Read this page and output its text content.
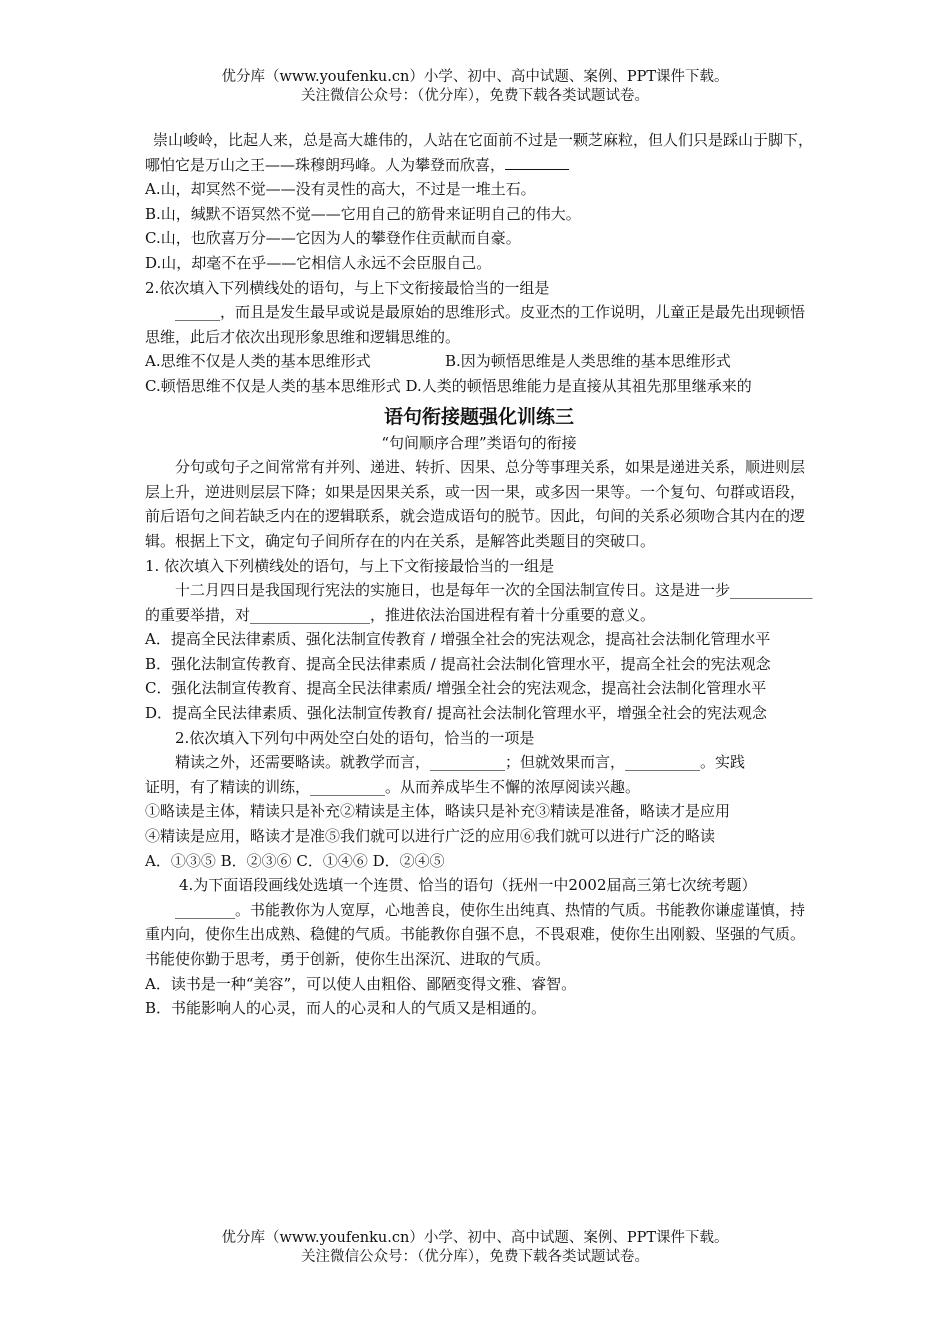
优分库（www.youfenku.cn）小学、初中、高中试题、案例、PPT课件下载。
关注微信公众号：（优分库），免费下载各类试题试卷。

崇山峻岭，比起人来，总是高大雄伟的，人站在它面前不过是一颗芝麻粒，但人们只是踩山于脚下，哪怕它是万山之王——珠穆朗玛峰。人为攀登而欣喜，

A.山，却冥然不觉——没有灵性的高大，不过是一堆土石。

B.山，缄默不语冥然不觉——它用自己的筋骨来证明自己的伟大。

C.山，也欣喜万分——它因为人的攀登作住贡献而自豪。

D.山，却毫不在乎——它相信人永远不会臣服自己。

2.依次填入下列横线处的语句，与上下文衔接最恰当的一组是

______，而且是发生最早或说是最原始的思维形式。皮亚杰的工作说明，儿童正是最先出现顿悟思维，此后才依次出现形象思维和逻辑思维的。

A.思维不仅是人类的基本思维形式	B.因为顿悟思维是人类思维的基本思维形式

C.顿悟思维不仅是人类的基本思维形式 D.人类的顿悟思维能力是直接从其祖先那里继承来的

语句衔接题强化训练三

“句间顺序合理”类语句的衔接

分句或句子之间常常有并列、递进、转折、因果、总分等事理关系，如果是递进关系，顺进则层层上升，逆进则层层下降；如果是因果关系，或一因一果，或多因一果等。一个复句、句群或语段，前后语句之间若缺乏内在的逻辑联系，就会造成语句的脱节。因此，句间的关系必须吻合其内在的逻辑。根据上下文，确定句子间所存在的内在关系，是解答此类题目的突破口。

1. 依次填入下列横线处的语句，与上下文衔接最恰当的一组是

十二月四日是我国现行宪法的实施日，也是每年一次的全国法制宣传日。这是进一步___________的重要举措，对________________，推进依法治国进程有着十分重要的意义。

A．提高全民法律素质、强化法制宣传教育 / 增强全社会的宪法观念，提高社会法制化管理水平

B．强化法制宣传教育、提高全民法律素质 / 提高社会法制化管理水平，提高全社会的宪法观念

C．强化法制宣传教育、提高全民法律素质/ 增强全社会的宪法观念，提高社会法制化管理水平

D．提高全民法律素质、强化法制宣传教育/ 提高社会法制化管理水平，增强全社会的宪法观念

2.依次填入下列句中两处空白处的语句，恰当的一项是

精读之外，还需要略读。就教学而言，__________；但就效果而言，__________。实践

证明，有了精读的训练，__________。从而养成毕生不懈的浓厚阅读兴趣。

①略读是主体，精读只是补充②精读是主体，略读只是补充③精读是准备，略读才是应用

④精读是应用，略读才是准⑤我们就可以进行广泛的应用⑥我们就可以进行广泛的略读

A．①③⑤ B．②③⑥ C．①④⑥ D．②④⑤

4.为下面语段画线处选填一个连贯、恰当的语句（抚州一中2002届高三第七次统考题）

________。书能教你为人宽厚，心地善良，使你生出纯真、热情的气质。书能教你谦虚谨慎，持重内向，使你生出成熟、稳健的气质。书能教你自强不息，不畏艰难，使你生出刚毅、坚强的气质。书能使你勤于思考，勇于创新，使你生出深沉、进取的气质。

A．读书是一种“美容”，可以使人由粗俗、鄙陋变得文雅、睿智。

B．书能影响人的心灵，而人的心灵和人的气质又是相通的。

优分库（www.youfenku.cn）小学、初中、高中试题、案例、PPT课件下载。
关注微信公众号：（优分库），免费下载各类试题试卷。
